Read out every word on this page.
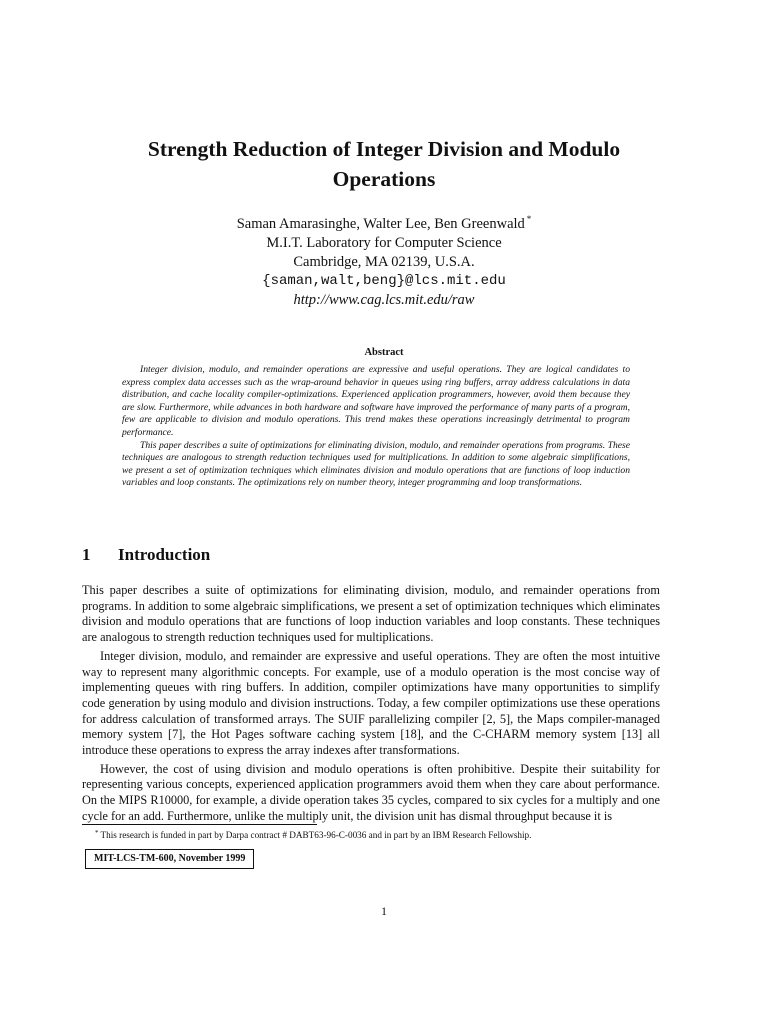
Strength Reduction of Integer Division and Modulo Operations
Saman Amarasinghe, Walter Lee, Ben Greenwald *
M.I.T. Laboratory for Computer Science
Cambridge, MA 02139, U.S.A.
{saman,walt,beng}@lcs.mit.edu
http://www.cag.lcs.mit.edu/raw
Abstract

Integer division, modulo, and remainder operations are expressive and useful operations. They are logical candidates to express complex data accesses such as the wrap-around behavior in queues using ring buffers, array address calculations in data distribution, and cache locality compiler-optimizations. Experienced application programmers, however, avoid them because they are slow. Furthermore, while advances in both hardware and software have improved the performance of many parts of a program, few are applicable to division and modulo operations. This trend makes these operations increasingly detrimental to program performance.

This paper describes a suite of optimizations for eliminating division, modulo, and remainder operations from programs. These techniques are analogous to strength reduction techniques used for multiplications. In addition to some algebraic simplifications, we present a set of optimization techniques which eliminates division and modulo operations that are functions of loop induction variables and loop constants. The optimizations rely on number theory, integer programming and loop transformations.

1 Introduction

This paper describes a suite of optimizations for eliminating division, modulo, and remainder operations from programs. In addition to some algebraic simplifications, we present a set of optimization techniques which eliminates division and modulo operations that are functions of loop induction variables and loop constants. These techniques are analogous to strength reduction techniques used for multiplications.

Integer division, modulo, and remainder are expressive and useful operations. They are often the most intuitive way to represent many algorithmic concepts. For example, use of a modulo operation is the most concise way of implementing queues with ring buffers. In addition, compiler optimizations have many opportunities to simplify code generation by using modulo and division instructions. Today, a few compiler optimizations use these operations for address calculation of transformed arrays. The SUIF parallelizing compiler [2, 5], the Maps compiler-managed memory system [7], the Hot Pages software caching system [18], and the C-CHARM memory system [13] all introduce these operations to express the array indexes after transformations.

However, the cost of using division and modulo operations is often prohibitive. Despite their suitability for representing various concepts, experienced application programmers avoid them when they care about performance. On the MIPS R10000, for example, a divide operation takes 35 cycles, compared to six cycles for a multiply and one cycle for an add. Furthermore, unlike the multiply unit, the division unit has dismal throughput because it is

* This research is funded in part by Darpa contract # DABT63-96-C-0036 and in part by an IBM Research Fellowship.
MIT-LCS-TM-600, November 1999
1
